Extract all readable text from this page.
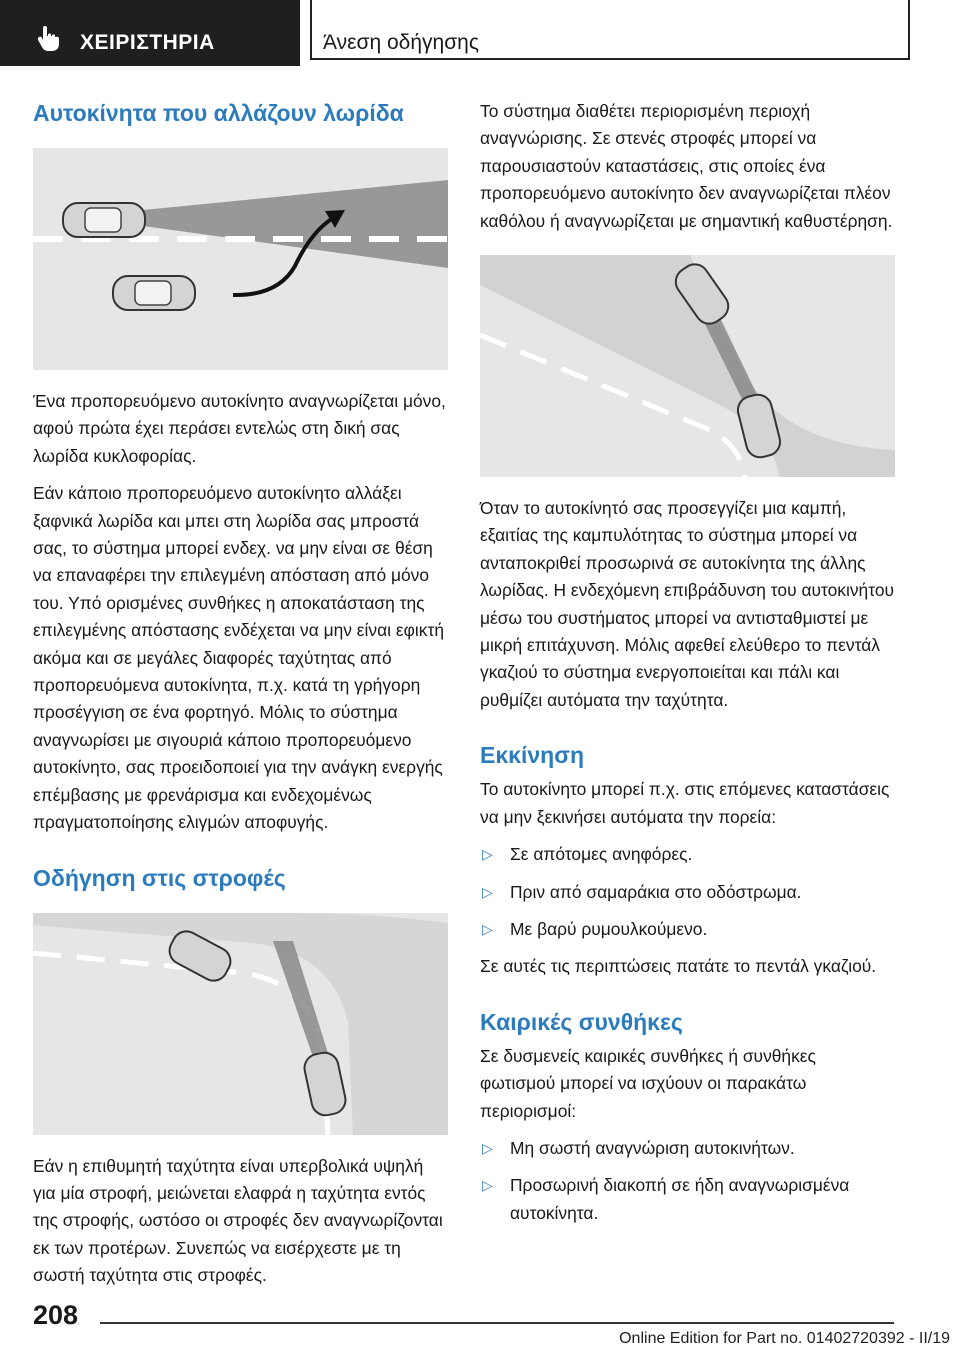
ΧΕΙΡΙΣΤΗΡΙΑ	Άνεση οδήγησης
Αυτοκίνητα που αλλάζουν λωρίδα

Ένα προπορευόμενο αυτοκίνητο αναγνωρίζεται μόνο, αφού πρώτα έχει περάσει εντελώς στη δική σας λωρίδα κυκλοφορίας.

Εάν κάποιο προπορευόμενο αυτοκίνητο αλλάξει ξαφνικά λωρίδα και μπει στη λωρίδα σας μπροστά σας, το σύστημα μπορεί ενδεχ. να μην είναι σε θέση να επαναφέρει την επιλεγμένη απόσταση από μόνο του. Υπό ορισμένες συνθήκες η αποκατάσταση της επιλεγμένης απόστασης ενδέχεται να μην είναι εφικτή ακόμα και σε μεγάλες διαφορές ταχύτητας από προπορευόμενα αυτοκίνητα, π.χ. κατά τη γρήγορη προσέγγιση σε ένα φορτηγό. Μόλις το σύστημα αναγνωρίσει με σιγουριά κάποιο προπορευόμενο αυτοκίνητο, σας προειδοποιεί για την ανάγκη ενεργής επέμβασης με φρενάρισμα και ενδεχομένως πραγματοποίησης ελιγμών αποφυγής.

Οδήγηση στις στροφές

Εάν η επιθυμητή ταχύτητα είναι υπερβολικά υψηλή για μία στροφή, μειώνεται ελαφρά η ταχύτητα εντός της στροφής, ωστόσο οι στροφές δεν αναγνωρίζονται εκ των προτέρων. Συνεπώς να εισέρχεστε με τη σωστή ταχύτητα στις στροφές.

Το σύστημα διαθέτει περιορισμένη περιοχή αναγνώρισης. Σε στενές στροφές μπορεί να παρουσιαστούν καταστάσεις, στις οποίες ένα προπορευόμενο αυτοκίνητο δεν αναγνωρίζεται πλέον καθόλου ή αναγνωρίζεται με σημαντική καθυστέρηση.

Όταν το αυτοκίνητό σας προσεγγίζει μια καμπή, εξαιτίας της καμπυλότητας το σύστημα μπορεί να ανταποκριθεί προσωρινά σε αυτοκίνητα της άλλης λωρίδας. Η ενδεχόμενη επιβράδυνση του αυτοκινήτου μέσω του συστήματος μπορεί να αντισταθμιστεί με μικρή επιτάχυνση. Μόλις αφεθεί ελεύθερο το πεντάλ γκαζιού το σύστημα ενεργοποιείται και πάλι και ρυθμίζει αυτόματα την ταχύτητα.

Εκκίνηση

Το αυτοκίνητο μπορεί π.χ. στις επόμενες καταστάσεις να μην ξεκινήσει αυτόματα την πορεία:

▷ Σε απότομες ανηφόρες.
▷ Πριν από σαμαράκια στο οδόστρωμα.
▷ Με βαρύ ρυμουλκούμενο.

Σε αυτές τις περιπτώσεις πατάτε το πεντάλ γκαζιού.

Καιρικές συνθήκες

Σε δυσμενείς καιρικές συνθήκες ή συνθήκες φωτισμού μπορεί να ισχύουν οι παρακάτω περιορισμοί:

▷ Μη σωστή αναγνώριση αυτοκινήτων.
▷ Προσωρινή διακοπή σε ήδη αναγνωρισμένα αυτοκίνητα.
208
Online Edition for Part no. 01402720392 - II/19
